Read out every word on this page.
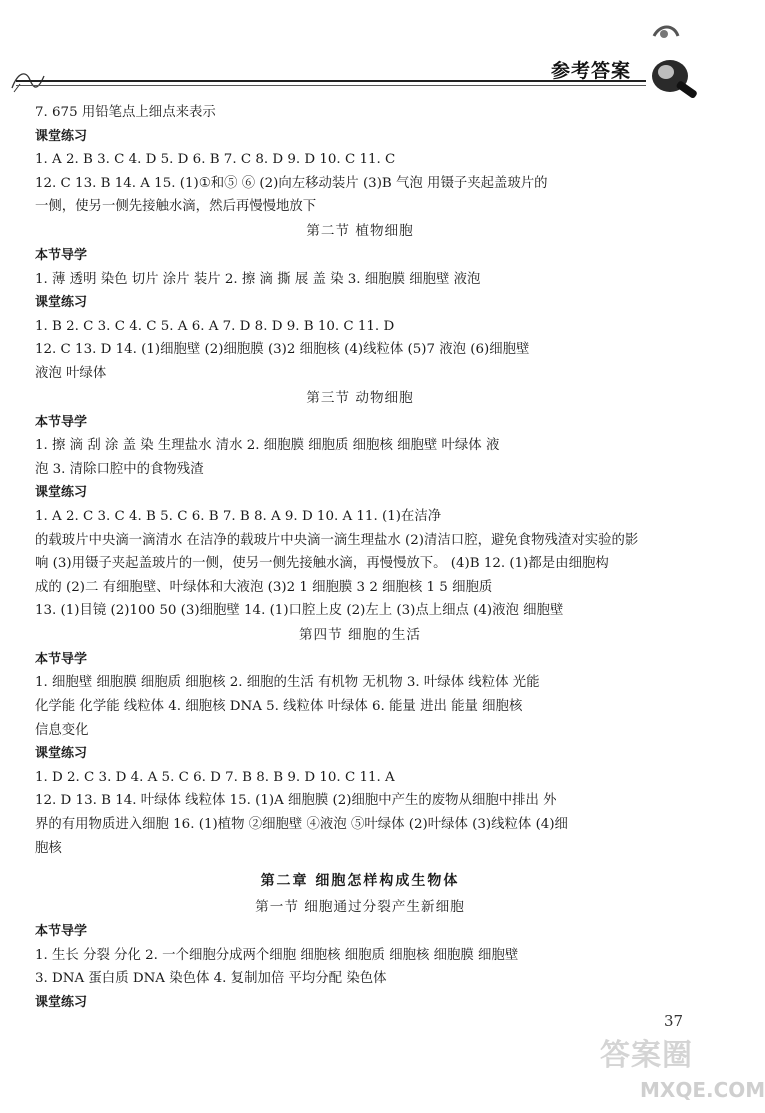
参考答案
7. 675 用铅笔点上细点来表示
课堂练习
1. A 2. B 3. C 4. D 5. D 6. B 7. C 8. D 9. D 10. C 11. C
12. C 13. B 14. A 15. (1)①和⑤ ⑥ (2)向左移动装片 (3)B 气泡 用镊子夹起盖玻片的
一侧，使另一侧先接触水滴，然后再慢慢地放下
第二节 植物细胞
本节导学
1. 薄 透明 染色 切片 涂片 装片 2. 擦 滴 撕 展 盖 染 3. 细胞膜 细胞壁 液泡
课堂练习
1. B 2. C 3. C 4. C 5. A 6. A 7. D 8. D 9. B 10. C 11. D
12. C 13. D 14. (1)细胞壁 (2)细胞膜 (3)2 细胞核 (4)线粒体 (5)7 液泡 (6)细胞壁
液泡 叶绿体
第三节 动物细胞
本节导学
1. 擦 滴 刮 涂 盖 染 生理盐水 清水 2. 细胞膜 细胞质 细胞核 细胞壁 叶绿体 液
泡 3. 清除口腔中的食物残渣
课堂练习
1. A 2. C 3. C 4. B 5. C 6. B 7. B 8. A 9. D 10. A 11. (1)在洁净
的载玻片中央滴一滴清水 在洁净的载玻片中央滴一滴生理盐水 (2)清洁口腔，避免食物残渣对实验的影
响 (3)用镊子夹起盖玻片的一侧，使另一侧先接触水滴，再慢慢放下。 (4)B 12. (1)都是由细胞构
成的 (2)二 有细胞壁、叶绿体和大液泡 (3)2 1 细胞膜 3 2 细胞核 1 5 细胞质
13. (1)目镜 (2)100 50 (3)细胞壁 14. (1)口腔上皮 (2)左上 (3)点上细点 (4)液泡 细胞壁
第四节 细胞的生活
本节导学
1. 细胞壁 细胞膜 细胞质 细胞核 2. 细胞的生活 有机物 无机物 3. 叶绿体 线粒体 光能
化学能 化学能 线粒体 4. 细胞核 DNA 5. 线粒体 叶绿体 6. 能量 进出 能量 细胞核
信息变化
课堂练习
1. D 2. C 3. D 4. A 5. C 6. D 7. B 8. B 9. D 10. C 11. A
12. D 13. B 14. 叶绿体 线粒体 15. (1)A 细胞膜 (2)细胞中产生的废物从细胞中排出 外
界的有用物质进入细胞 16. (1)植物 ②细胞壁 ④液泡 ⑤叶绿体 (2)叶绿体 (3)线粒体 (4)细
胞核
第二章 细胞怎样构成生物体
第一节 细胞通过分裂产生新细胞
本节导学
1. 生长 分裂 分化 2. 一个细胞分成两个细胞 细胞核 细胞质 细胞核 细胞膜 细胞壁
3. DNA 蛋白质 DNA 染色体 4. 复制加倍 平均分配 染色体
课堂练习
37
答案圈
MXQE.COM
